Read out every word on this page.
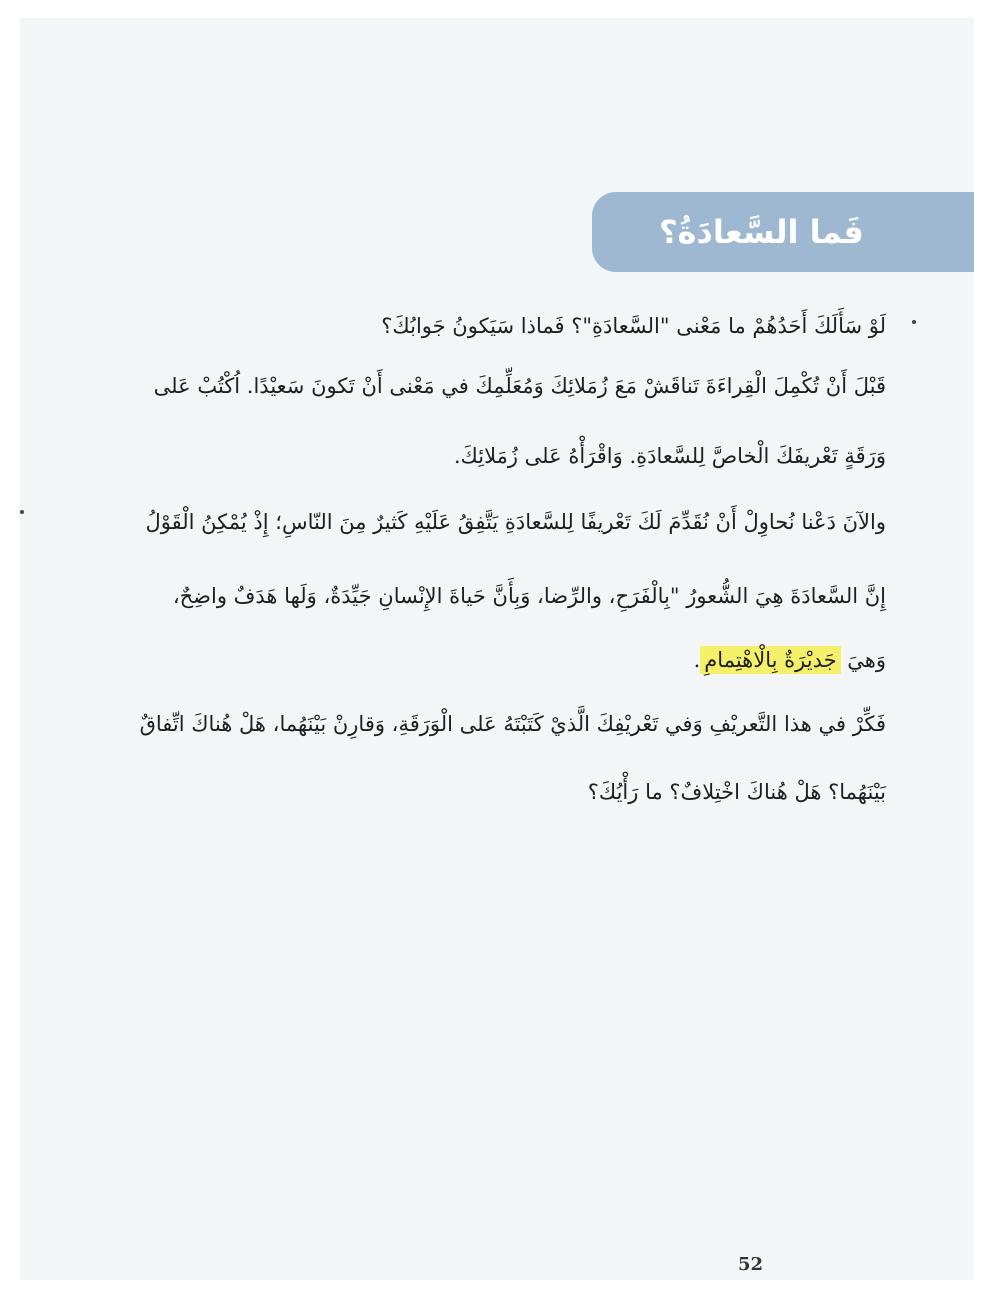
فَما السَّعادَةُ؟
لَوْ سَأَلَكَ أَحَدُهُمْ ما مَعْنى "السَّعادَةِ"؟ فَماذا سَيَكونُ جَوابُكَ؟
قَبْلَ أَنْ تُكْمِلَ الْقِراءَةَ تَناقَشْ مَعَ زُمَلائِكَ وَمُعَلِّمِكَ في مَعْنى أَنْ تَكونَ سَعيْدًا. اُكْتُبْ عَلى
وَرَقَةٍ تَعْريفَكَ الْخاصَّ لِلسَّعادَةِ. وَاقْرَأْهُ عَلى زُمَلائِكَ.
والآنَ دَعْنا نُحاوِلْ أَنْ نُقَدِّمَ لَكَ تَعْريفًا لِلسَّعادَةِ يَتَّفِقُ عَلَيْهِ كَثيرٌ مِنَ النّاسِ؛ إِذْ يُمْكِنُ الْقَوْلُ
إِنَّ السَّعادَةَ هِيَ الشُّعورُ "بِالْفَرَحِ، والرِّضا، وَبِأَنَّ حَياةَ الإِنْسانِ جَيِّدَةٌ، وَلَها هَدَفٌ واضِحٌ،
وَهيَ جَديْرَةٌ بِالْاهْتِمامِ.
فَكِّرْ في هذا التَّعريْفِ وَفي تَعْريْفِكَ الَّذيْ كَتَبْتَهُ عَلى الْوَرَقَةِ، وَقارِنْ بَيْنَهُما، هَلْ هُناكَ اتِّفاقٌ
بَيْنَهُما؟ هَلْ هُناكَ اخْتِلافٌ؟ ما رَأْيُكَ؟
52
